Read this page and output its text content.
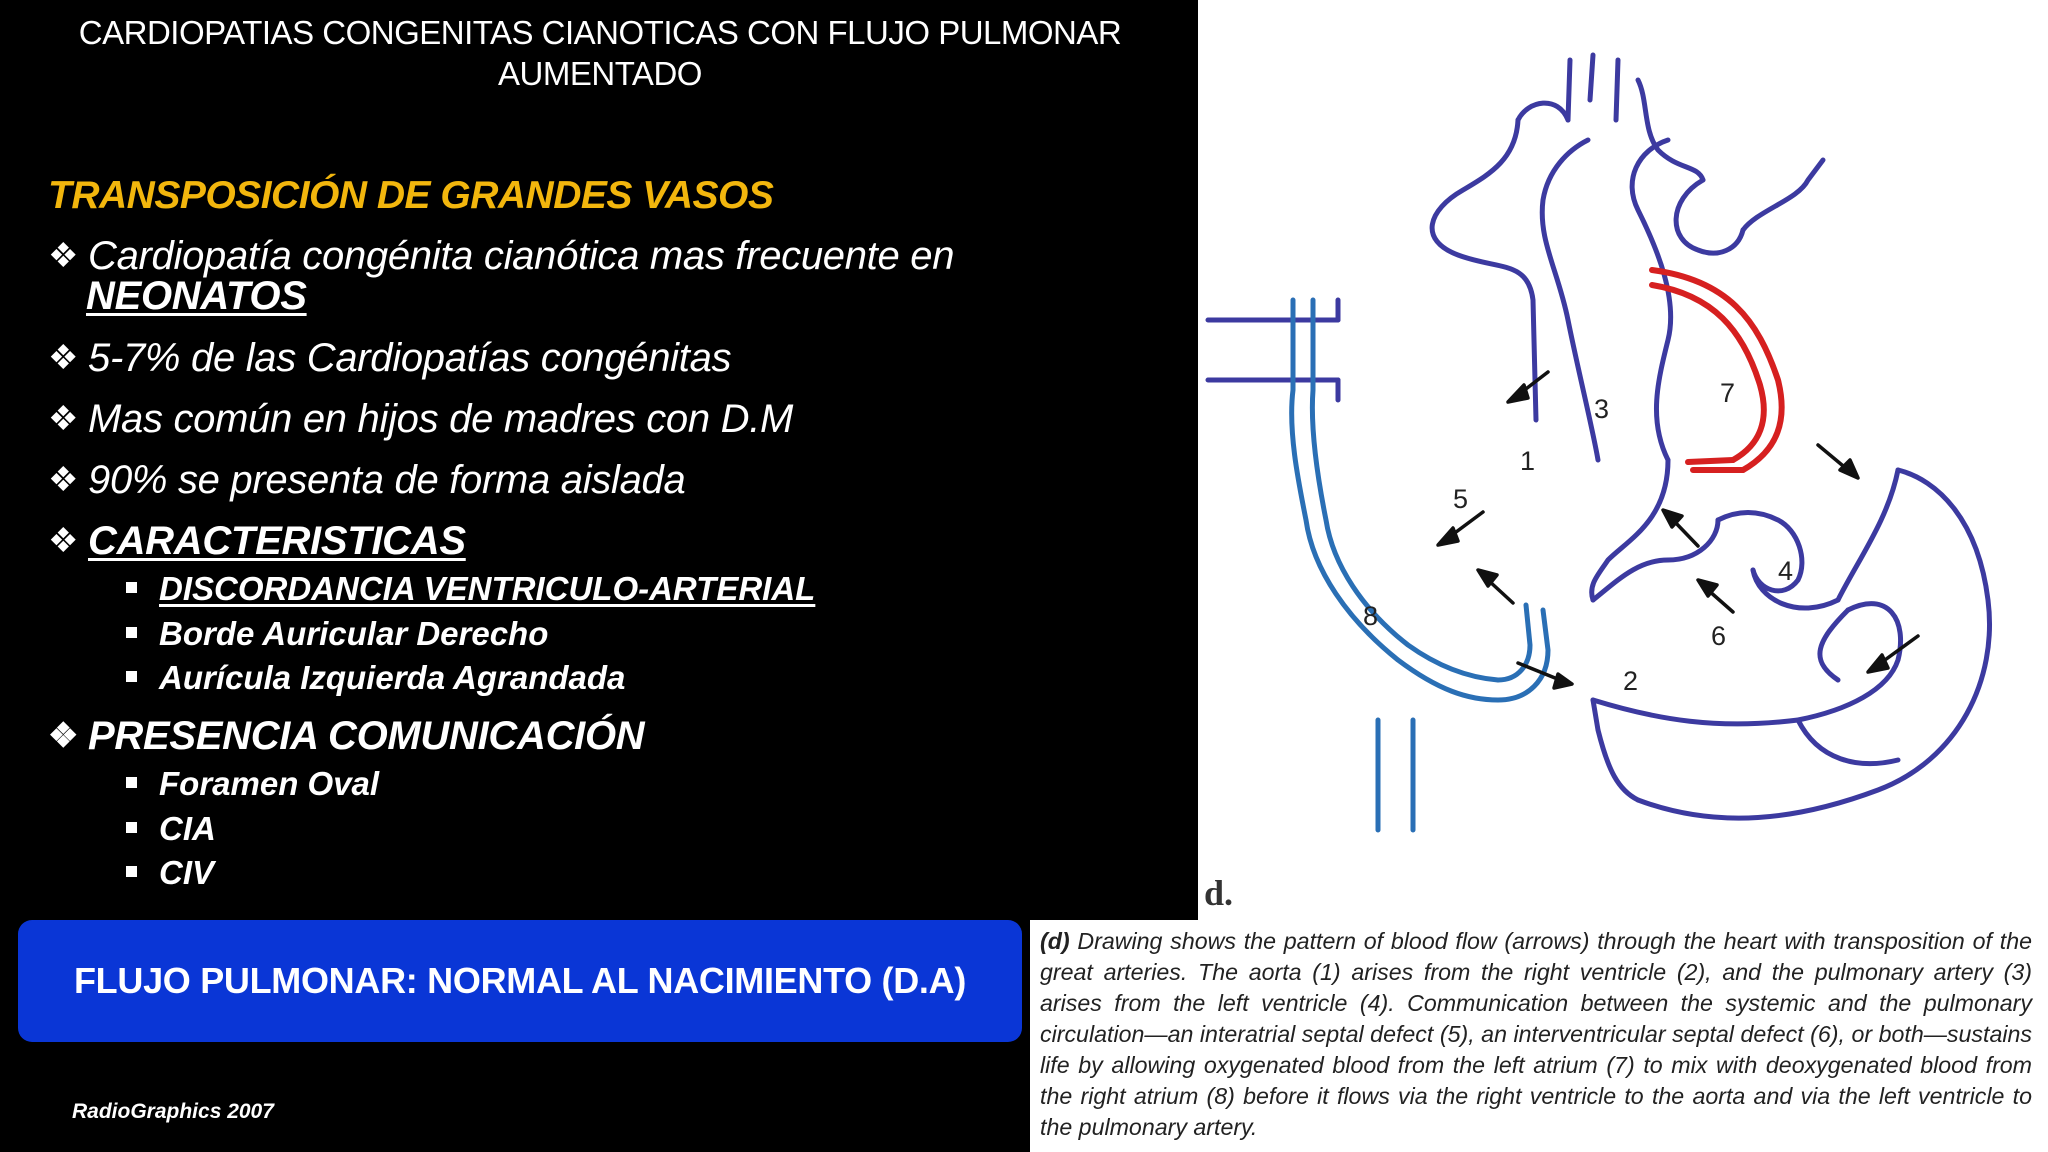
CARDIOPATIAS CONGENITAS CIANOTICAS CON FLUJO PULMONAR
AUMENTADO
TRANSPOSICIÓN DE GRANDES VASOS
❖ Cardiopatía congénita cianótica mas frecuente en
NEONATOS
❖ 5-7% de las Cardiopatías congénitas
❖ Mas común en hijos de madres con D.M
❖ 90% se presenta de forma aislada
❖ CARACTERISTICAS
DISCORDANCIA VENTRICULO-ARTERIAL
Borde Auricular Derecho
Aurícula Izquierda Agrandada
❖ PRESENCIA COMUNICACIÓN
Foramen Oval
CIA
CIV
FLUJO PULMONAR: NORMAL AL NACIMIENTO (D.A)
RadioGraphics 2007
1
2
3
4
5
6
7
8
d.
(d) Drawing shows the pattern of blood flow (arrows) through the heart with transposition of the great arteries. The aorta (1) arises from the right ventricle (2), and the pulmonary artery (3) arises from the left ventricle (4). Communication between the systemic and the pulmonary circulation—an interatrial septal defect (5), an interventricular septal defect (6), or both—sustains life by allowing oxygenated blood from the left atrium (7) to mix with deoxygenated blood from the right atrium (8) before it flows via the right ventricle to the aorta and via the left ventricle to the pulmonary artery.
